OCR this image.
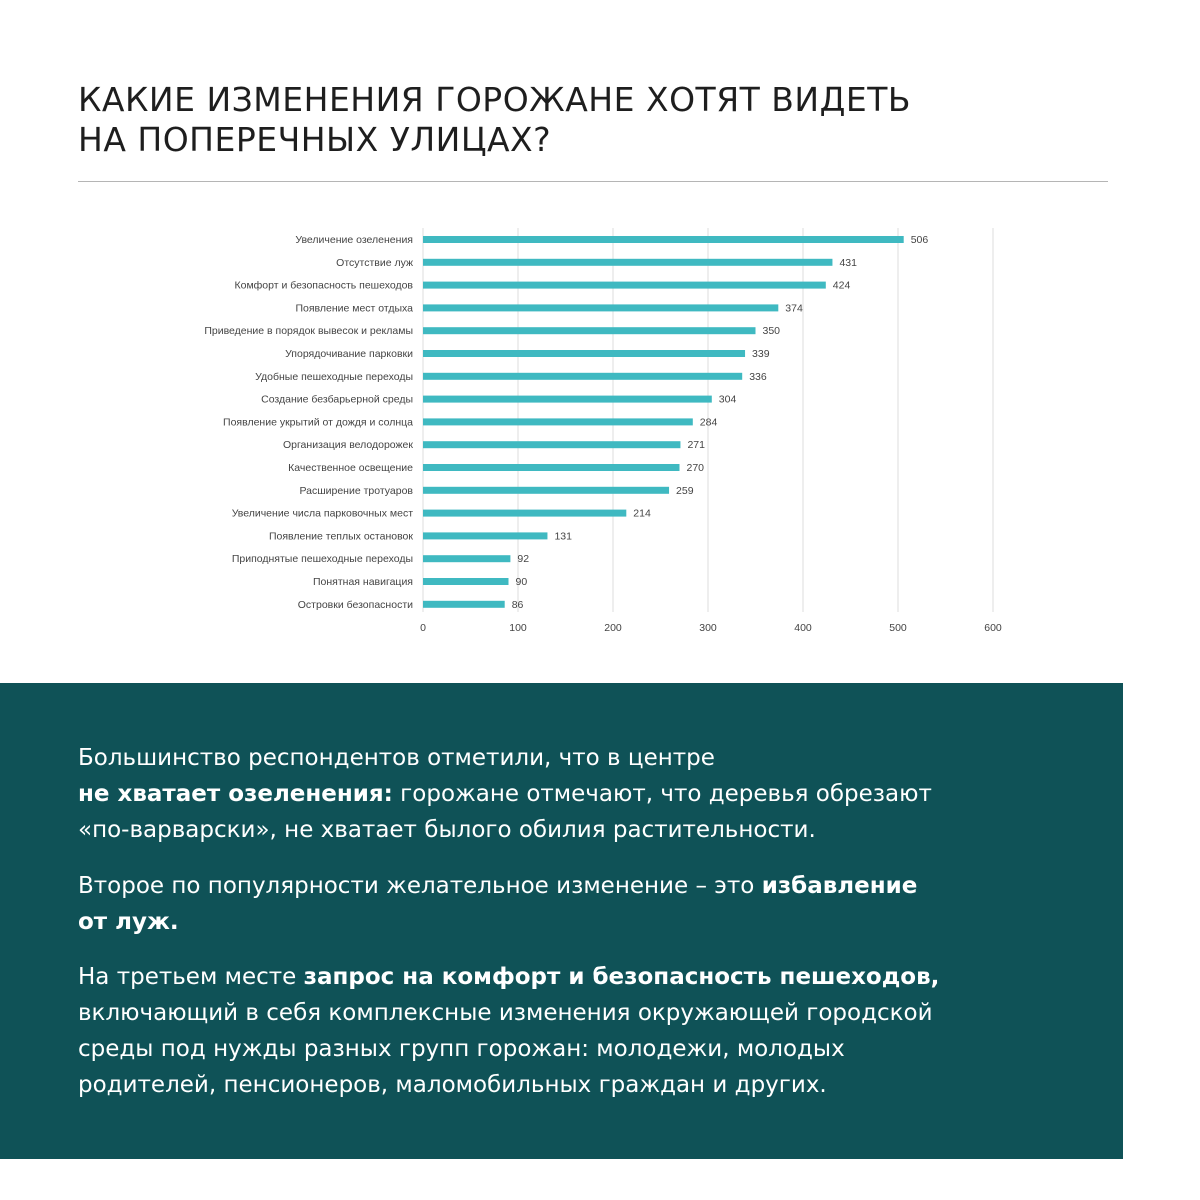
КАКИЕ ИЗМЕНЕНИЯ ГОРОЖАНЕ ХОТЯТ ВИДЕТЬ
НА ПОПЕРЕЧНЫХ УЛИЦАХ?
0	100	200	300	400	500	600
Увеличение озеленения	506
Отсутствие луж	431
Комфорт и безопасность пешеходов	424
Появление мест отдыха	374
Приведение в порядок вывесок и рекламы	350
Упорядочивание парковки	339
Удобные пешеходные переходы	336
Создание безбарьерной среды	304
Появление укрытий от дождя и солнца	284
Организация велодорожек	271
Качественное освещение	270
Расширение тротуаров	259
Увеличение числа парковочных мест	214
Появление теплых остановок	131
Приподнятые пешеходные переходы	92
Понятная навигация	90
Островки безопасности	86
Большинство респондентов отметили, что в центре
не хватает озеленения: горожане отмечают, что деревья обрезают
«по-варварски», не хватает былого обилия растительности.
Второе по популярности желательное изменение – это избавление
от луж.
На третьем месте запрос на комфорт и безопасность пешеходов,
включающий в себя комплексные изменения окружающей городской
среды под нужды разных групп горожан: молодежи, молодых
родителей, пенсионеров, маломобильных граждан и других.
